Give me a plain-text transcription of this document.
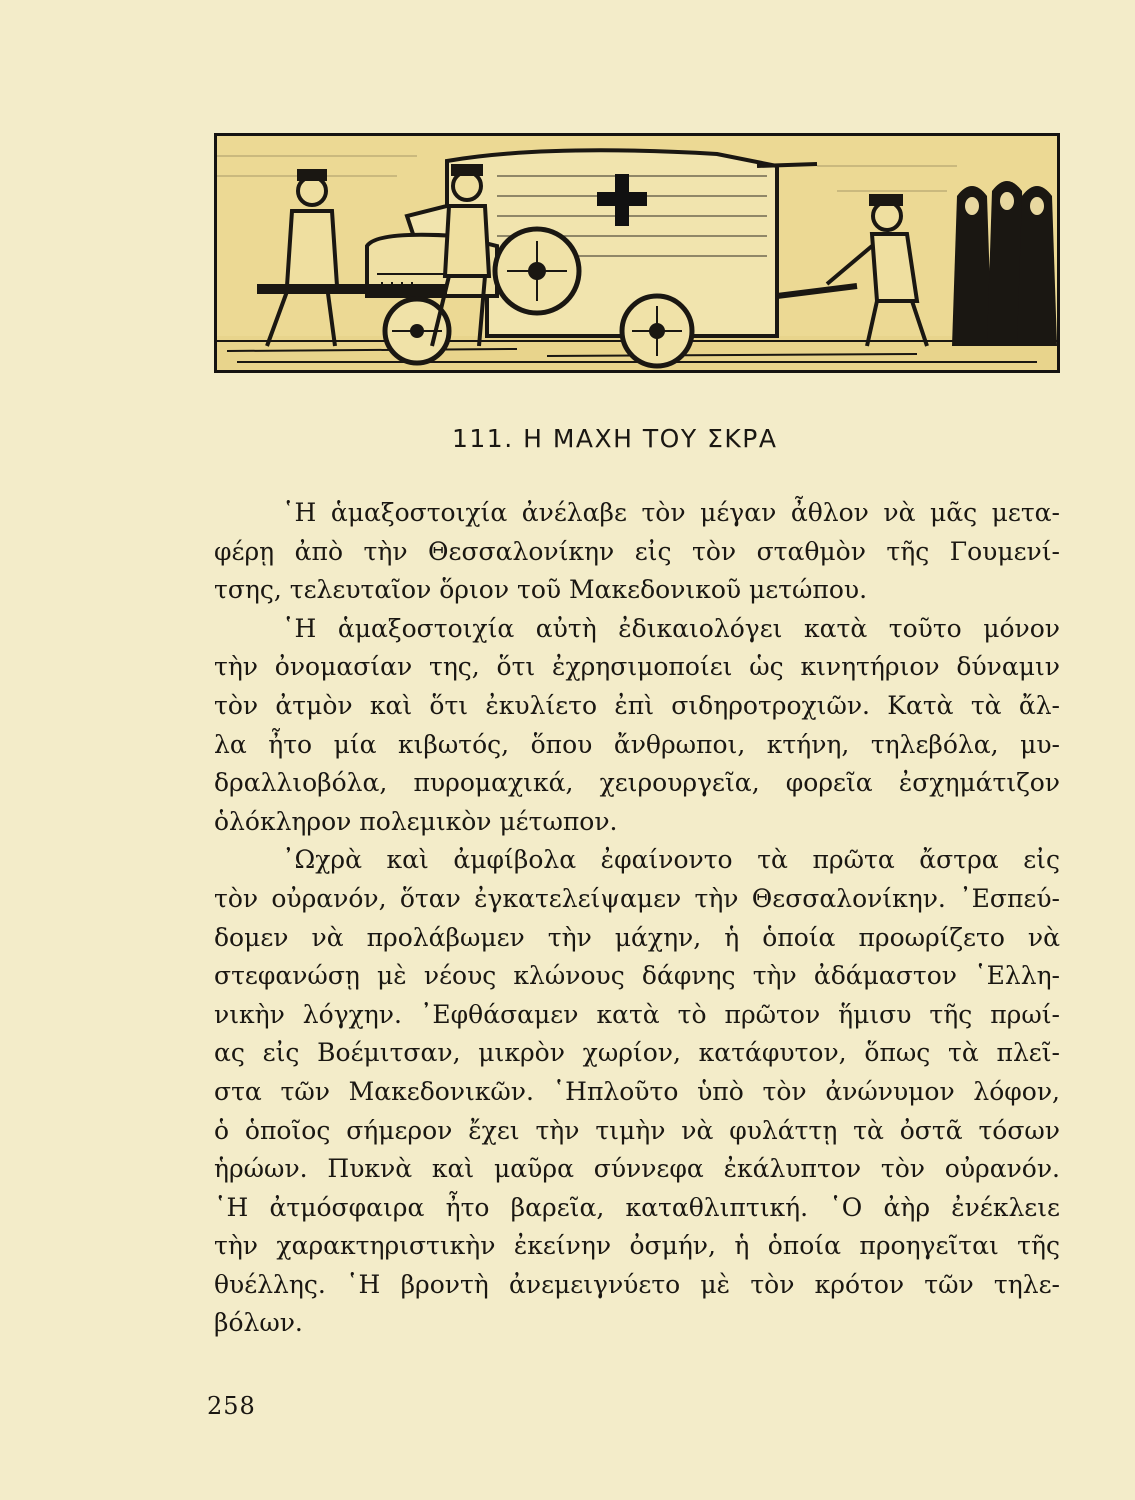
111. Η ΜΑΧΗ ΤΟΥ ΣΚΡΑ
῾Η ἁμαξοστοιχία ἀνέλαβε τὸν μέγαν ἆθλον νὰ μᾶς μετα-
φέρῃ ἀπὸ τὴν Θεσσαλονίκην εἰς τὸν σταθμὸν τῆς Γουμενί-
τσης, τελευταῖον ὅριον τοῦ Μακεδονικοῦ μετώπου.
῾Η ἁμαξοστοιχία αὐτὴ ἐδικαιολόγει κατὰ τοῦτο μόνον
τὴν ὀνομασίαν της, ὅτι ἐχρησιμοποίει ὡς κινητήριον δύναμιν
τὸν ἀτμὸν καὶ ὅτι ἐκυλίετο ἐπὶ σιδηροτροχιῶν. Κατὰ τὰ ἄλ-
λα ἦτο μία κιβωτός, ὅπου ἄνθρωποι, κτήνη, τηλεβόλα, μυ-
δραλλιοβόλα, πυρομαχικά, χειρουργεῖα, φορεῖα ἐσχημάτιζον
ὁλόκληρον πολεμικὸν μέτωπον.
᾿Ωχρὰ καὶ ἀμφίβολα ἐφαίνοντο τὰ πρῶτα ἄστρα εἰς
τὸν οὐρανόν, ὅταν ἐγκατελείψαμεν τὴν Θεσσαλονίκην. ᾿Εσπεύ-
δομεν νὰ προλάβωμεν τὴν μάχην, ἡ ὁποία προωρίζετο νὰ
στεφανώσῃ μὲ νέους κλώνους δάφνης τὴν ἀδάμαστον ῾Ελλη-
νικὴν λόγχην. ᾿Εφθάσαμεν κατὰ τὸ πρῶτον ἥμισυ τῆς πρωί-
ας εἰς Βοέμιτσαν, μικρὸν χωρίον, κατάφυτον, ὅπως τὰ πλεῖ-
στα τῶν Μακεδονικῶν. ῾Ηπλοῦτο ὑπὸ τὸν ἀνώνυμον λόφον,
ὁ ὁποῖος σήμερον ἔχει τὴν τιμὴν νὰ φυλάττῃ τὰ ὀστᾶ τόσων
ἡρώων. Πυκνὰ καὶ μαῦρα σύννεφα ἐκάλυπτον τὸν οὐρανόν.
῾Η ἀτμόσφαιρα ἦτο βαρεῖα, καταθλιπτική. ῾Ο ἀὴρ ἐνέκλειε
τὴν χαρακτηριστικὴν ἐκείνην ὀσμήν, ἡ ὁποία προηγεῖται τῆς
θυέλλης. ῾Η βροντὴ ἀνεμειγνύετο μὲ τὸν κρότον τῶν τηλε-
βόλων.
258
